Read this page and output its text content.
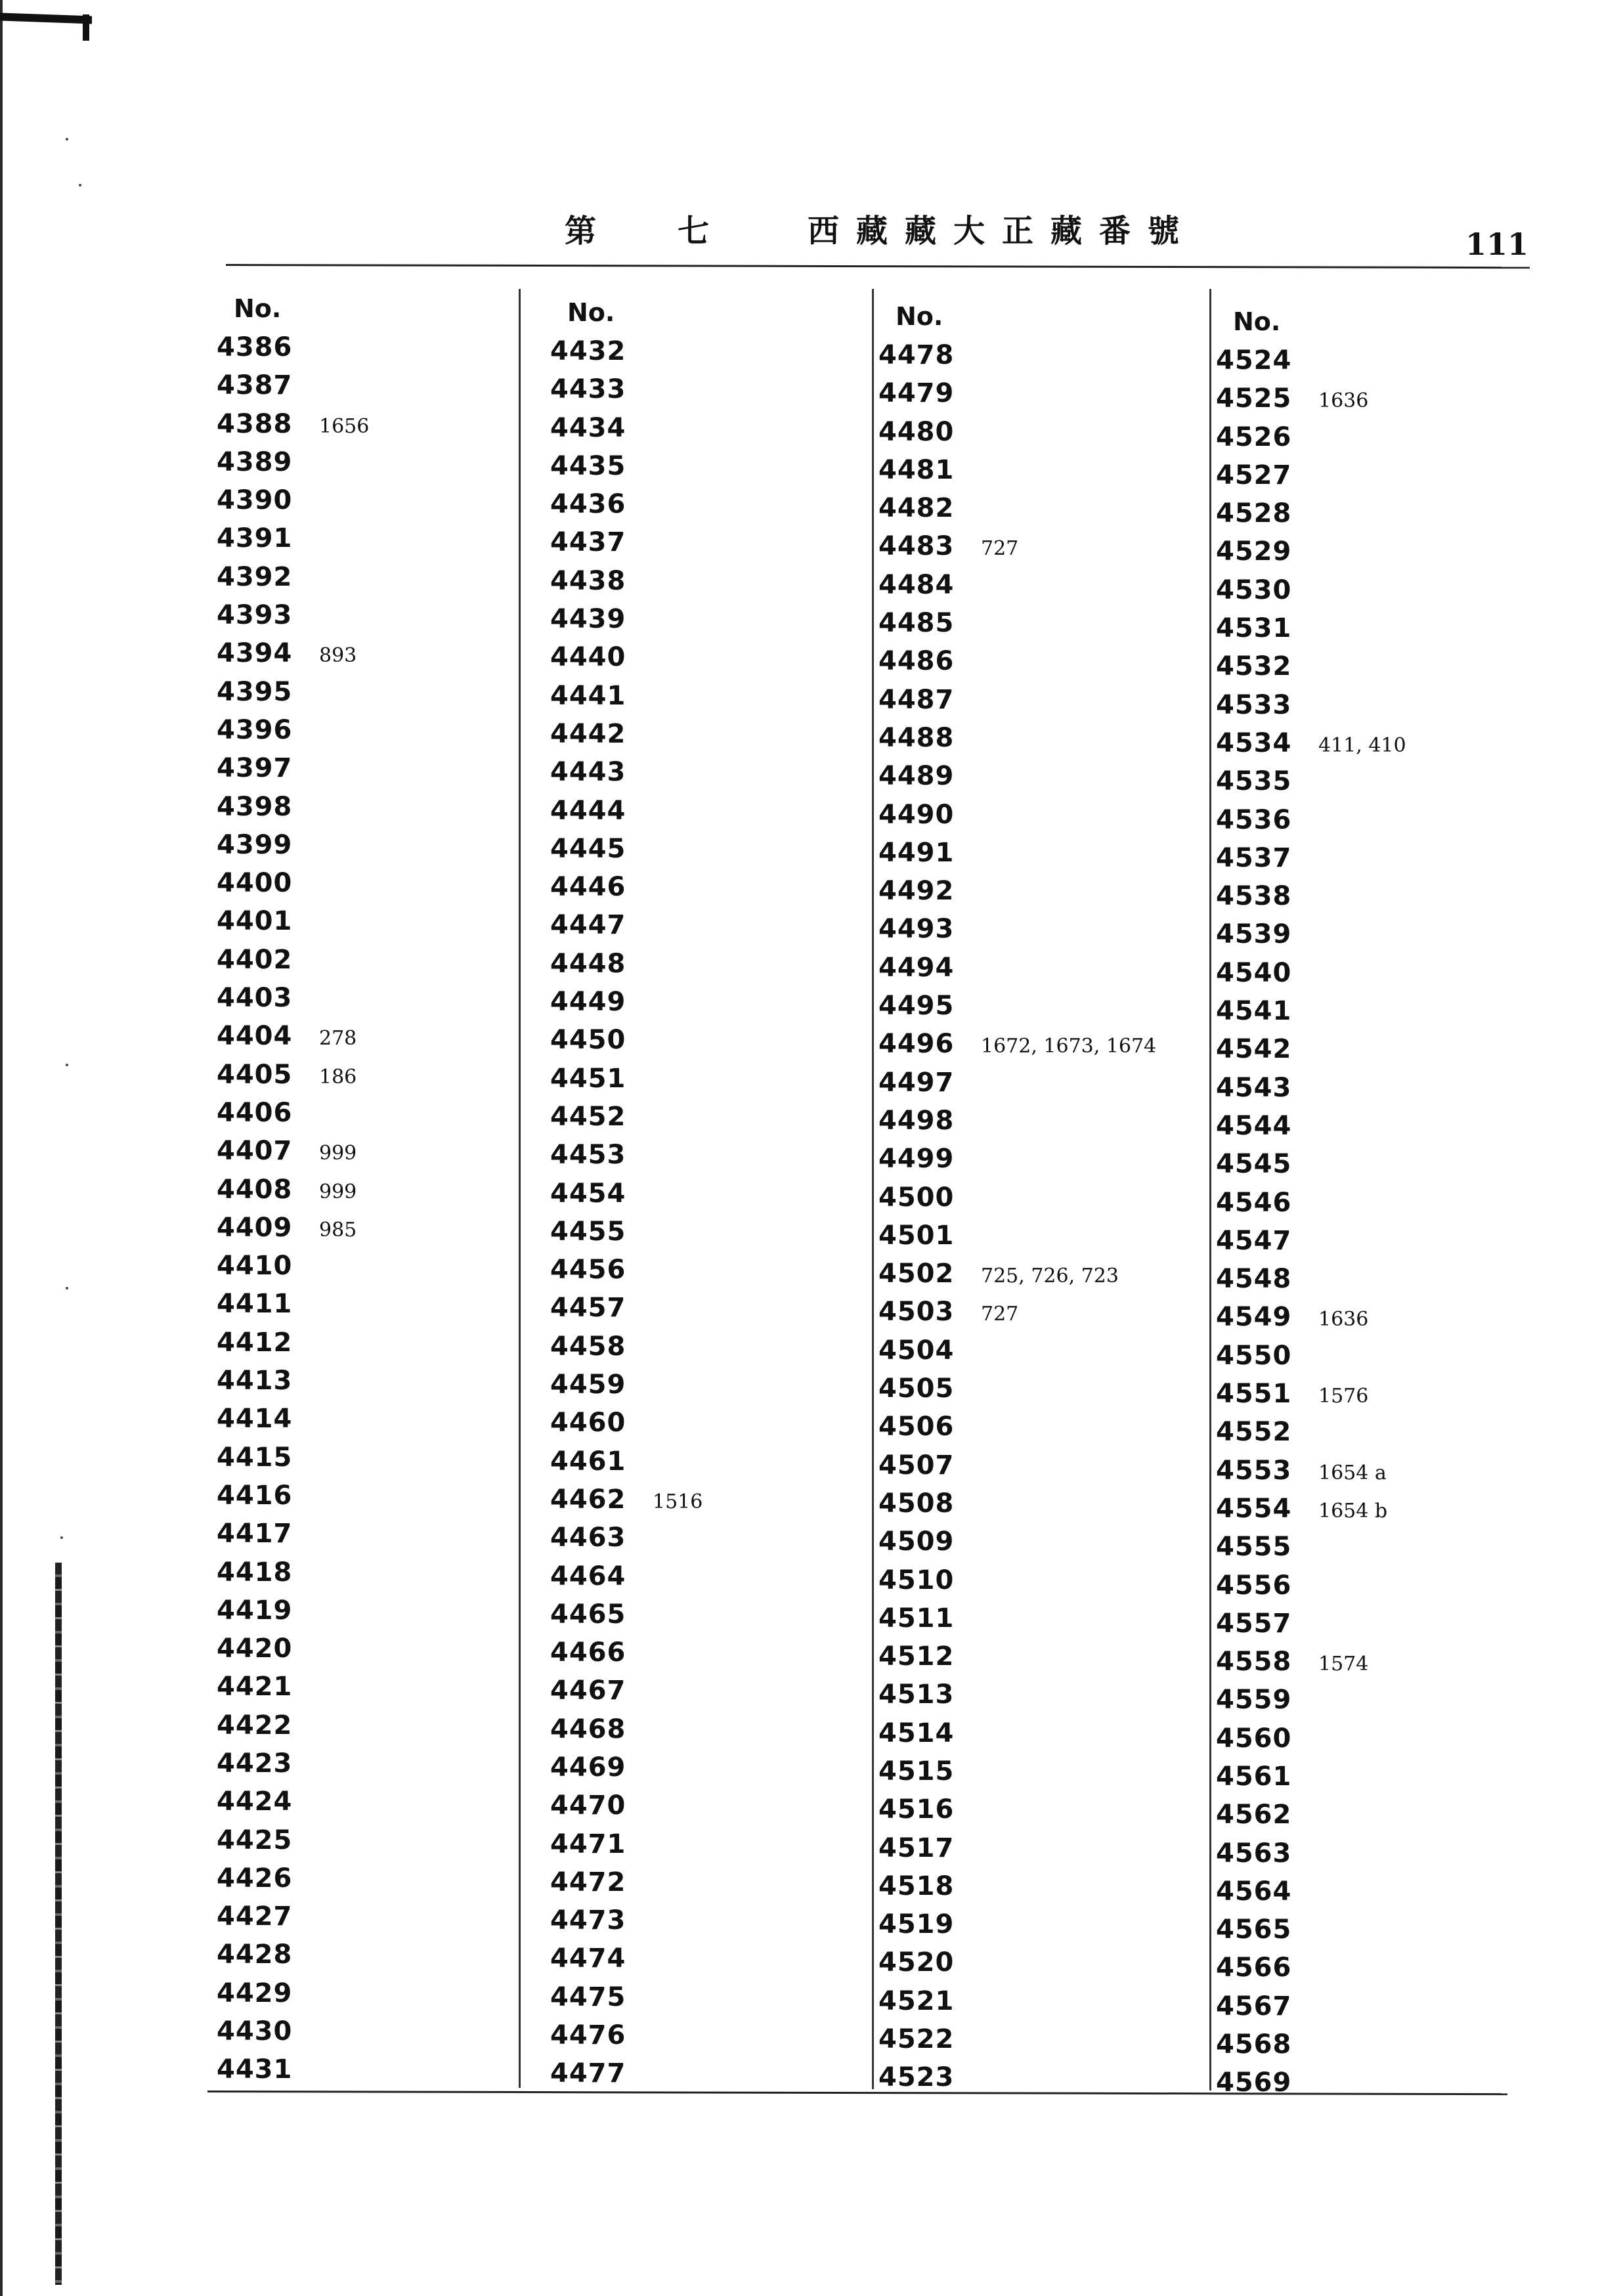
第	七	西藏藏大正藏番號	111
No.
4386
4387
4388	1656
4389
4390
4391
4392
4393
4394	893
4395
4396
4397
4398
4399
4400
4401
4402
4403
4404	278
4405	186
4406
4407	999
4408	999
4409	985
4410
4411
4412
4413
4414
4415
4416
4417
4418
4419
4420
4421
4422
4423
4424
4425
4426
4427
4428
4429
4430
4431
No.
4432
4433
4434
4435
4436
4437
4438
4439
4440
4441
4442
4443
4444
4445
4446
4447
4448
4449
4450
4451
4452
4453
4454
4455
4456
4457
4458
4459
4460
4461
4462	1516
4463
4464
4465
4466
4467
4468
4469
4470
4471
4472
4473
4474
4475
4476
4477
No.
4478
4479
4480
4481
4482
4483	727
4484
4485
4486
4487
4488
4489
4490
4491
4492
4493
4494
4495
4496	1672, 1673, 1674
4497
4498
4499
4500
4501
4502	725, 726, 723
4503	727
4504
4505
4506
4507
4508
4509
4510
4511
4512
4513
4514
4515
4516
4517
4518
4519
4520
4521
4522
4523
No.
4524
4525	1636
4526
4527
4528
4529
4530
4531
4532
4533
4534	411, 410
4535
4536
4537
4538
4539
4540
4541
4542
4543
4544
4545
4546
4547
4548
4549	1636
4550
4551	1576
4552
4553	1654 a
4554	1654 b
4555
4556
4557
4558	1574
4559
4560
4561
4562
4563
4564
4565
4566
4567
4568
4569
